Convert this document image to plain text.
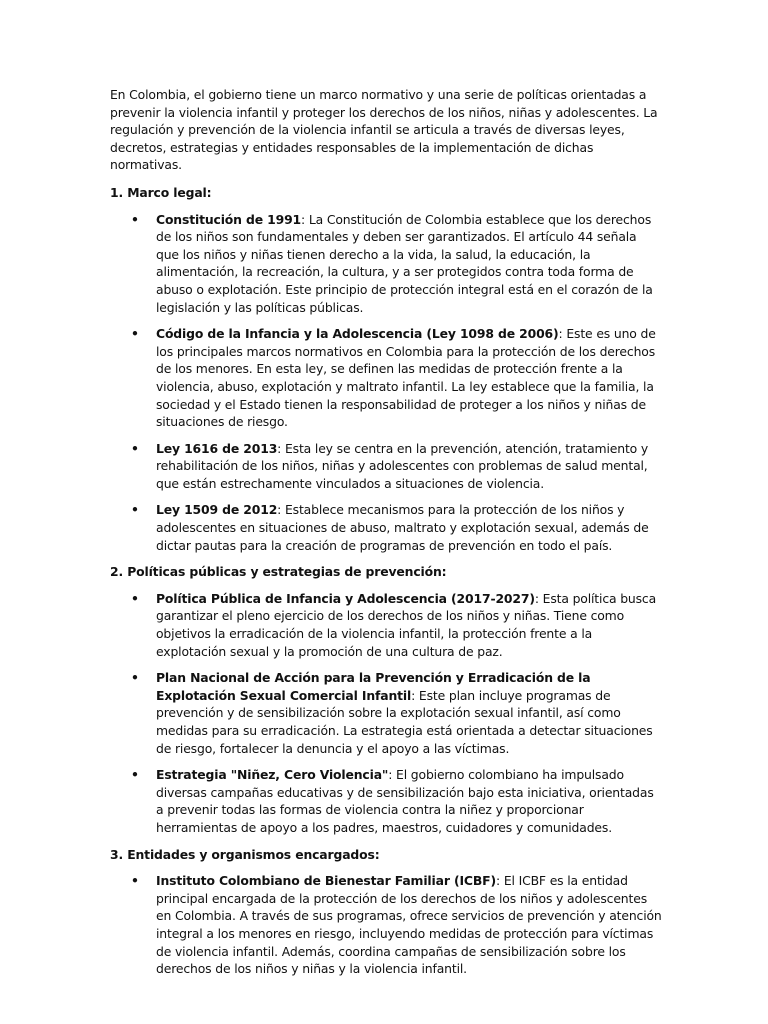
En Colombia, el gobierno tiene un marco normativo y una serie de políticas orientadas a prevenir la violencia infantil y proteger los derechos de los niños, niñas y adolescentes. La regulación y prevención de la violencia infantil se articula a través de diversas leyes, decretos, estrategias y entidades responsables de la implementación de dichas normativas.

1. Marco legal:

• Constitución de 1991: La Constitución de Colombia establece que los derechos de los niños son fundamentales y deben ser garantizados. El artículo 44 señala que los niños y niñas tienen derecho a la vida, la salud, la educación, la alimentación, la recreación, la cultura, y a ser protegidos contra toda forma de abuso o explotación. Este principio de protección integral está en el corazón de la legislación y las políticas públicas.
• Código de la Infancia y la Adolescencia (Ley 1098 de 2006): Este es uno de los principales marcos normativos en Colombia para la protección de los derechos de los menores. En esta ley, se definen las medidas de protección frente a la violencia, abuso, explotación y maltrato infantil. La ley establece que la familia, la sociedad y el Estado tienen la responsabilidad de proteger a los niños y niñas de situaciones de riesgo.
• Ley 1616 de 2013: Esta ley se centra en la prevención, atención, tratamiento y rehabilitación de los niños, niñas y adolescentes con problemas de salud mental, que están estrechamente vinculados a situaciones de violencia.
• Ley 1509 de 2012: Establece mecanismos para la protección de los niños y adolescentes en situaciones de abuso, maltrato y explotación sexual, además de dictar pautas para la creación de programas de prevención en todo el país.

2. Políticas públicas y estrategias de prevención:

• Política Pública de Infancia y Adolescencia (2017-2027): Esta política busca garantizar el pleno ejercicio de los derechos de los niños y niñas. Tiene como objetivos la erradicación de la violencia infantil, la protección frente a la explotación sexual y la promoción de una cultura de paz.
• Plan Nacional de Acción para la Prevención y Erradicación de la Explotación Sexual Comercial Infantil: Este plan incluye programas de prevención y de sensibilización sobre la explotación sexual infantil, así como medidas para su erradicación. La estrategia está orientada a detectar situaciones de riesgo, fortalecer la denuncia y el apoyo a las víctimas.
• Estrategia "Niñez, Cero Violencia": El gobierno colombiano ha impulsado diversas campañas educativas y de sensibilización bajo esta iniciativa, orientadas a prevenir todas las formas de violencia contra la niñez y proporcionar herramientas de apoyo a los padres, maestros, cuidadores y comunidades.

3. Entidades y organismos encargados:

• Instituto Colombiano de Bienestar Familiar (ICBF): El ICBF es la entidad principal encargada de la protección de los derechos de los niños y adolescentes en Colombia. A través de sus programas, ofrece servicios de prevención y atención integral a los menores en riesgo, incluyendo medidas de protección para víctimas de violencia infantil. Además, coordina campañas de sensibilización sobre los derechos de los niños y niñas y la violencia infantil.
